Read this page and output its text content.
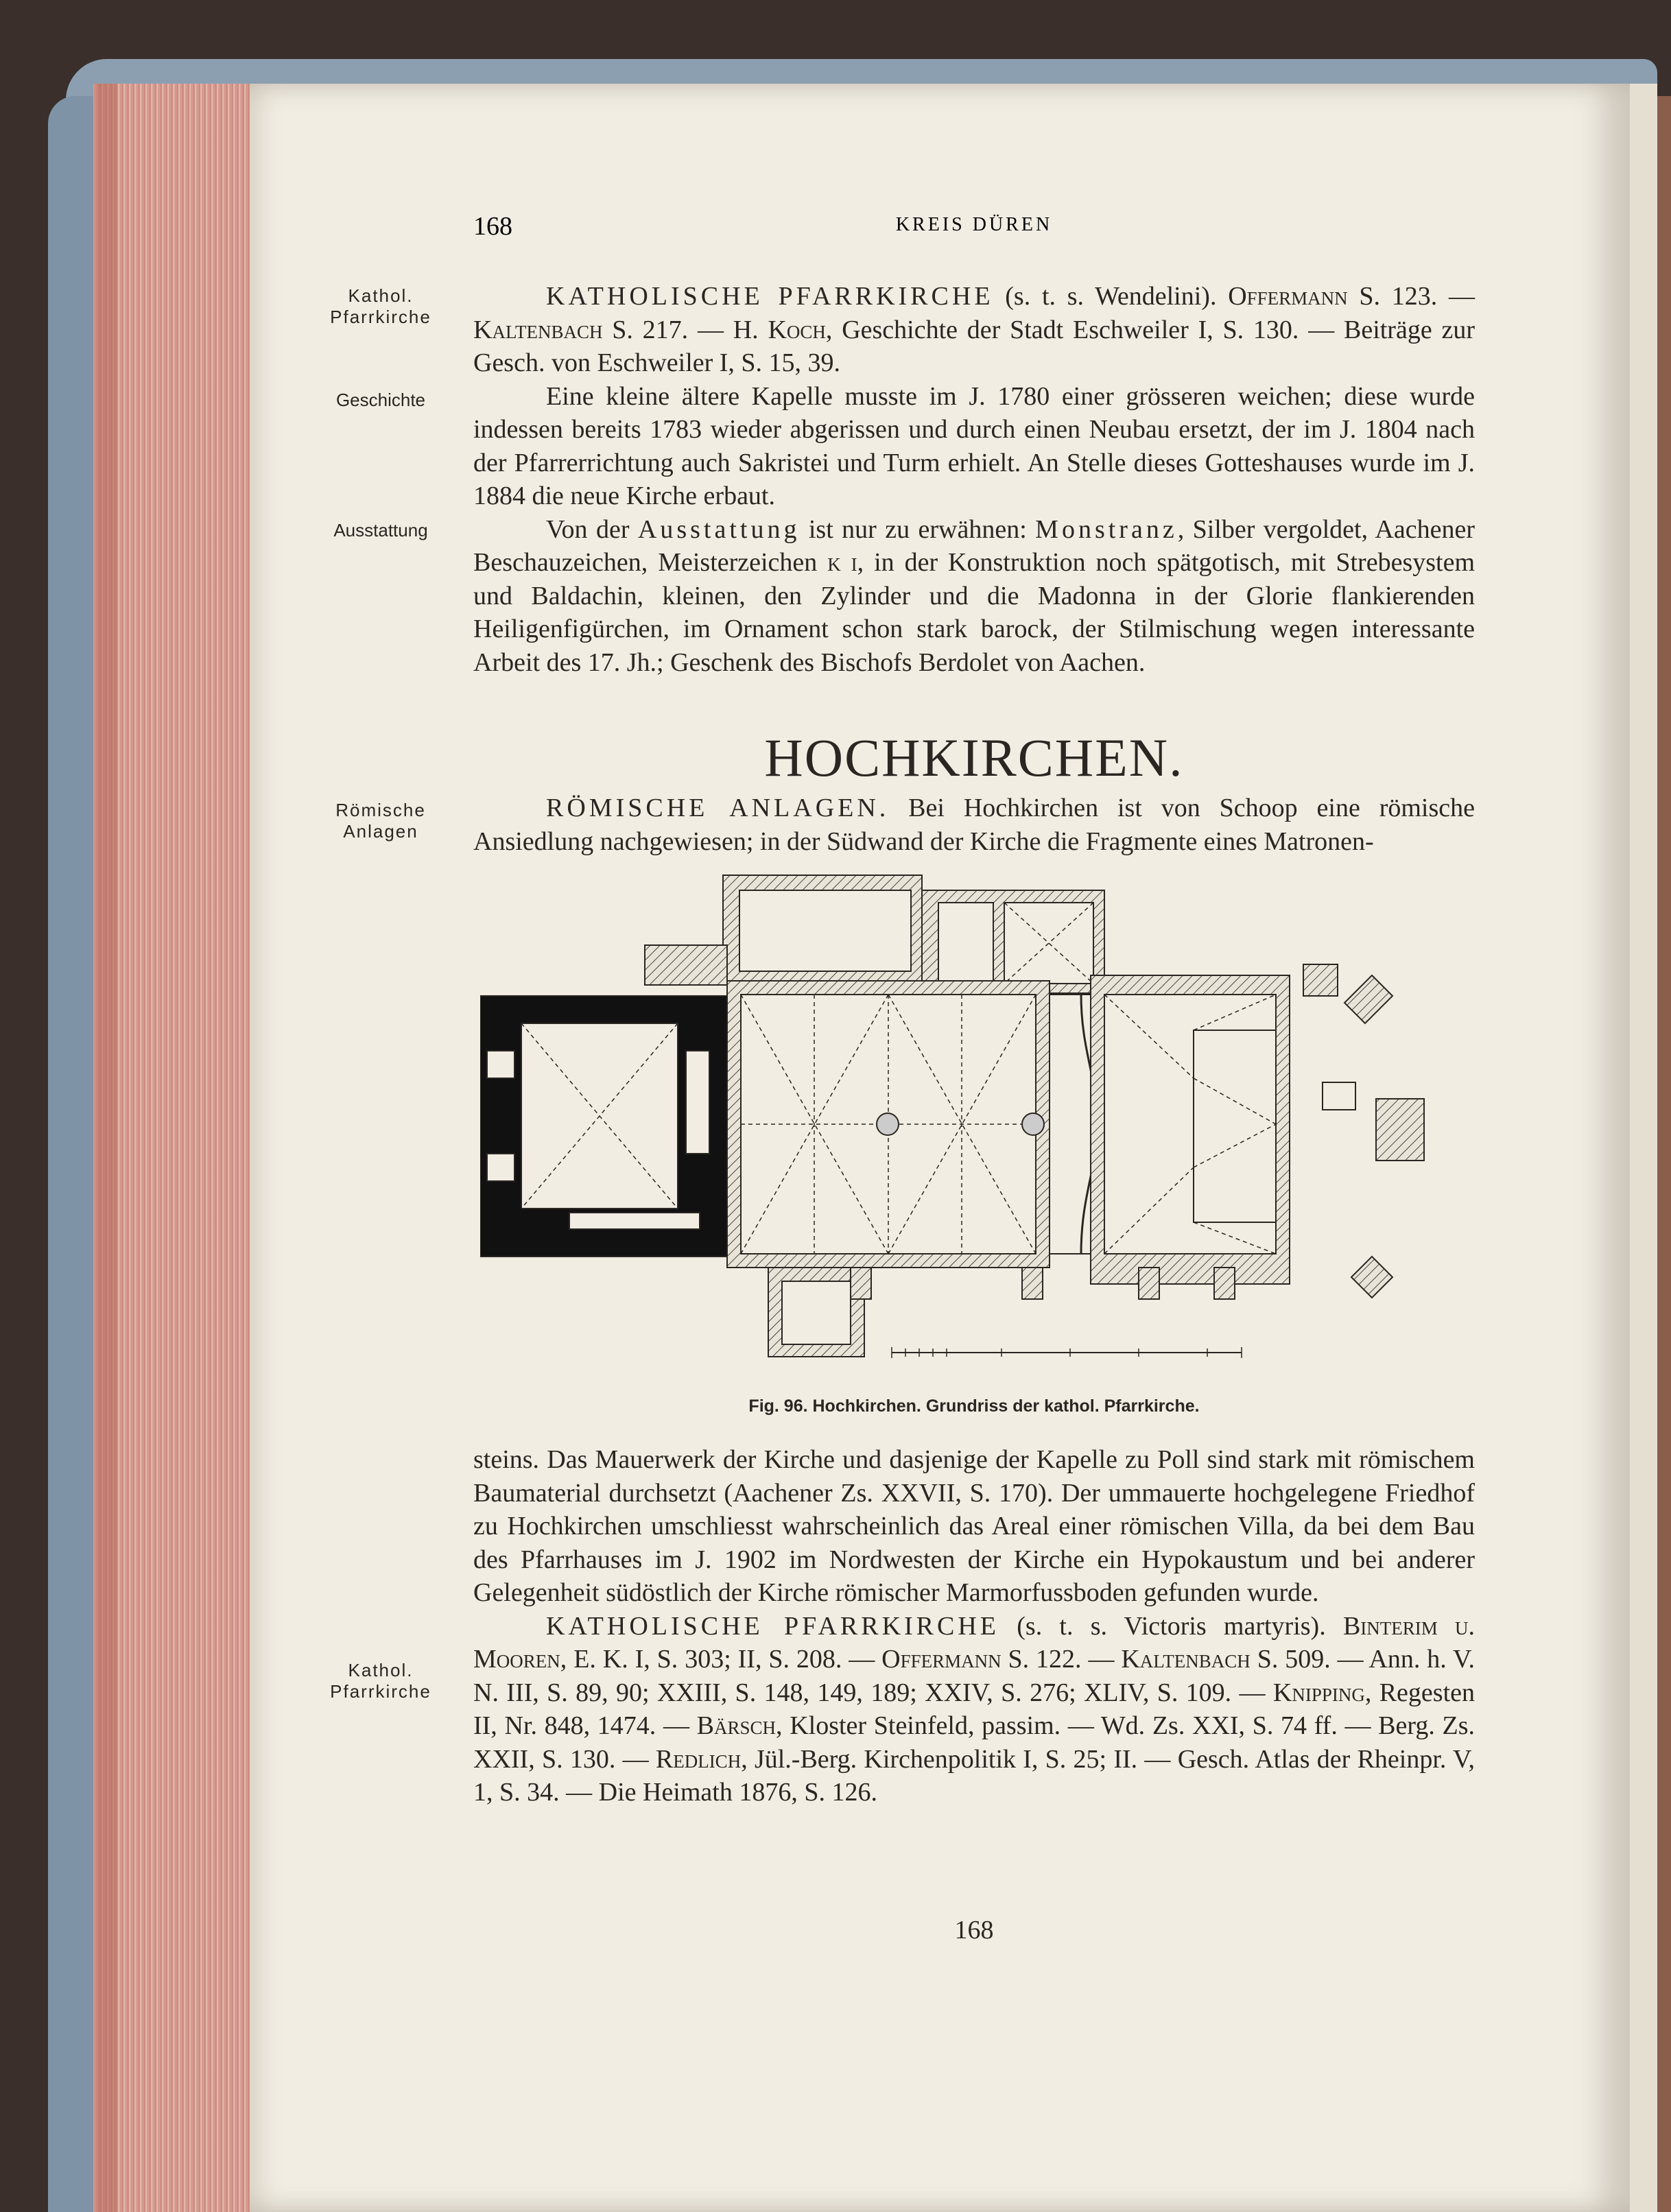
168	KREIS DÜREN
Kathol.
Pfarrkirche
Geschichte
Ausstattung
Römische
Anlagen
Kathol.
Pfarrkirche

KATHOLISCHE PFARRKIRCHE (s. t. s. Wendelini). Offermann S. 123. — Kaltenbach S. 217. — H. Koch, Geschichte der Stadt Eschweiler I, S. 130. — Beiträge zur Gesch. von Eschweiler I, S. 15, 39.

Eine kleine ältere Kapelle musste im J. 1780 einer grösseren weichen; diese wurde indessen bereits 1783 wieder abgerissen und durch einen Neubau ersetzt, der im J. 1804 nach der Pfarrerrichtung auch Sakristei und Turm erhielt. An Stelle dieses Gotteshauses wurde im J. 1884 die neue Kirche erbaut.

Von der Ausstattung ist nur zu erwähnen: Monstranz, Silber vergoldet, Aachener Beschauzeichen, Meisterzeichen k i, in der Konstruktion noch spätgotisch, mit Strebesystem und Baldachin, kleinen, den Zylinder und die Madonna in der Glorie flankierenden Heiligenfigürchen, im Ornament schon stark barock, der Stilmischung wegen interessante Arbeit des 17. Jh.; Geschenk des Bischofs Berdolet von Aachen.

HOCHKIRCHEN.

RÖMISCHE ANLAGEN. Bei Hochkirchen ist von Schoop eine römische Ansiedlung nachgewiesen; in der Südwand der Kirche die Fragmente eines Matronen-

Fig. 96. Hochkirchen. Grundriss der kathol. Pfarrkirche.

steins. Das Mauerwerk der Kirche und dasjenige der Kapelle zu Poll sind stark mit römischem Baumaterial durchsetzt (Aachener Zs. XXVII, S. 170). Der ummauerte hochgelegene Friedhof zu Hochkirchen umschliesst wahrscheinlich das Areal einer römischen Villa, da bei dem Bau des Pfarrhauses im J. 1902 im Nordwesten der Kirche ein Hypokaustum und bei anderer Gelegenheit südöstlich der Kirche römischer Marmorfussboden gefunden wurde.

KATHOLISCHE PFARRKIRCHE (s. t. s. Victoris martyris). Binterim u. Mooren, E. K. I, S. 303; II, S. 208. — Offermann S. 122. — Kaltenbach S. 509. — Ann. h. V. N. III, S. 89, 90; XXIII, S. 148, 149, 189; XXIV, S. 276; XLIV, S. 109. — Knipping, Regesten II, Nr. 848, 1474. — Bärsch, Kloster Steinfeld, passim. — Wd. Zs. XXI, S. 74 ff. — Berg. Zs. XXII, S. 130. — Redlich, Jül.-Berg. Kirchenpolitik I, S. 25; II. — Gesch. Atlas der Rheinpr. V, 1, S. 34. — Die Heimath 1876, S. 126.

168
